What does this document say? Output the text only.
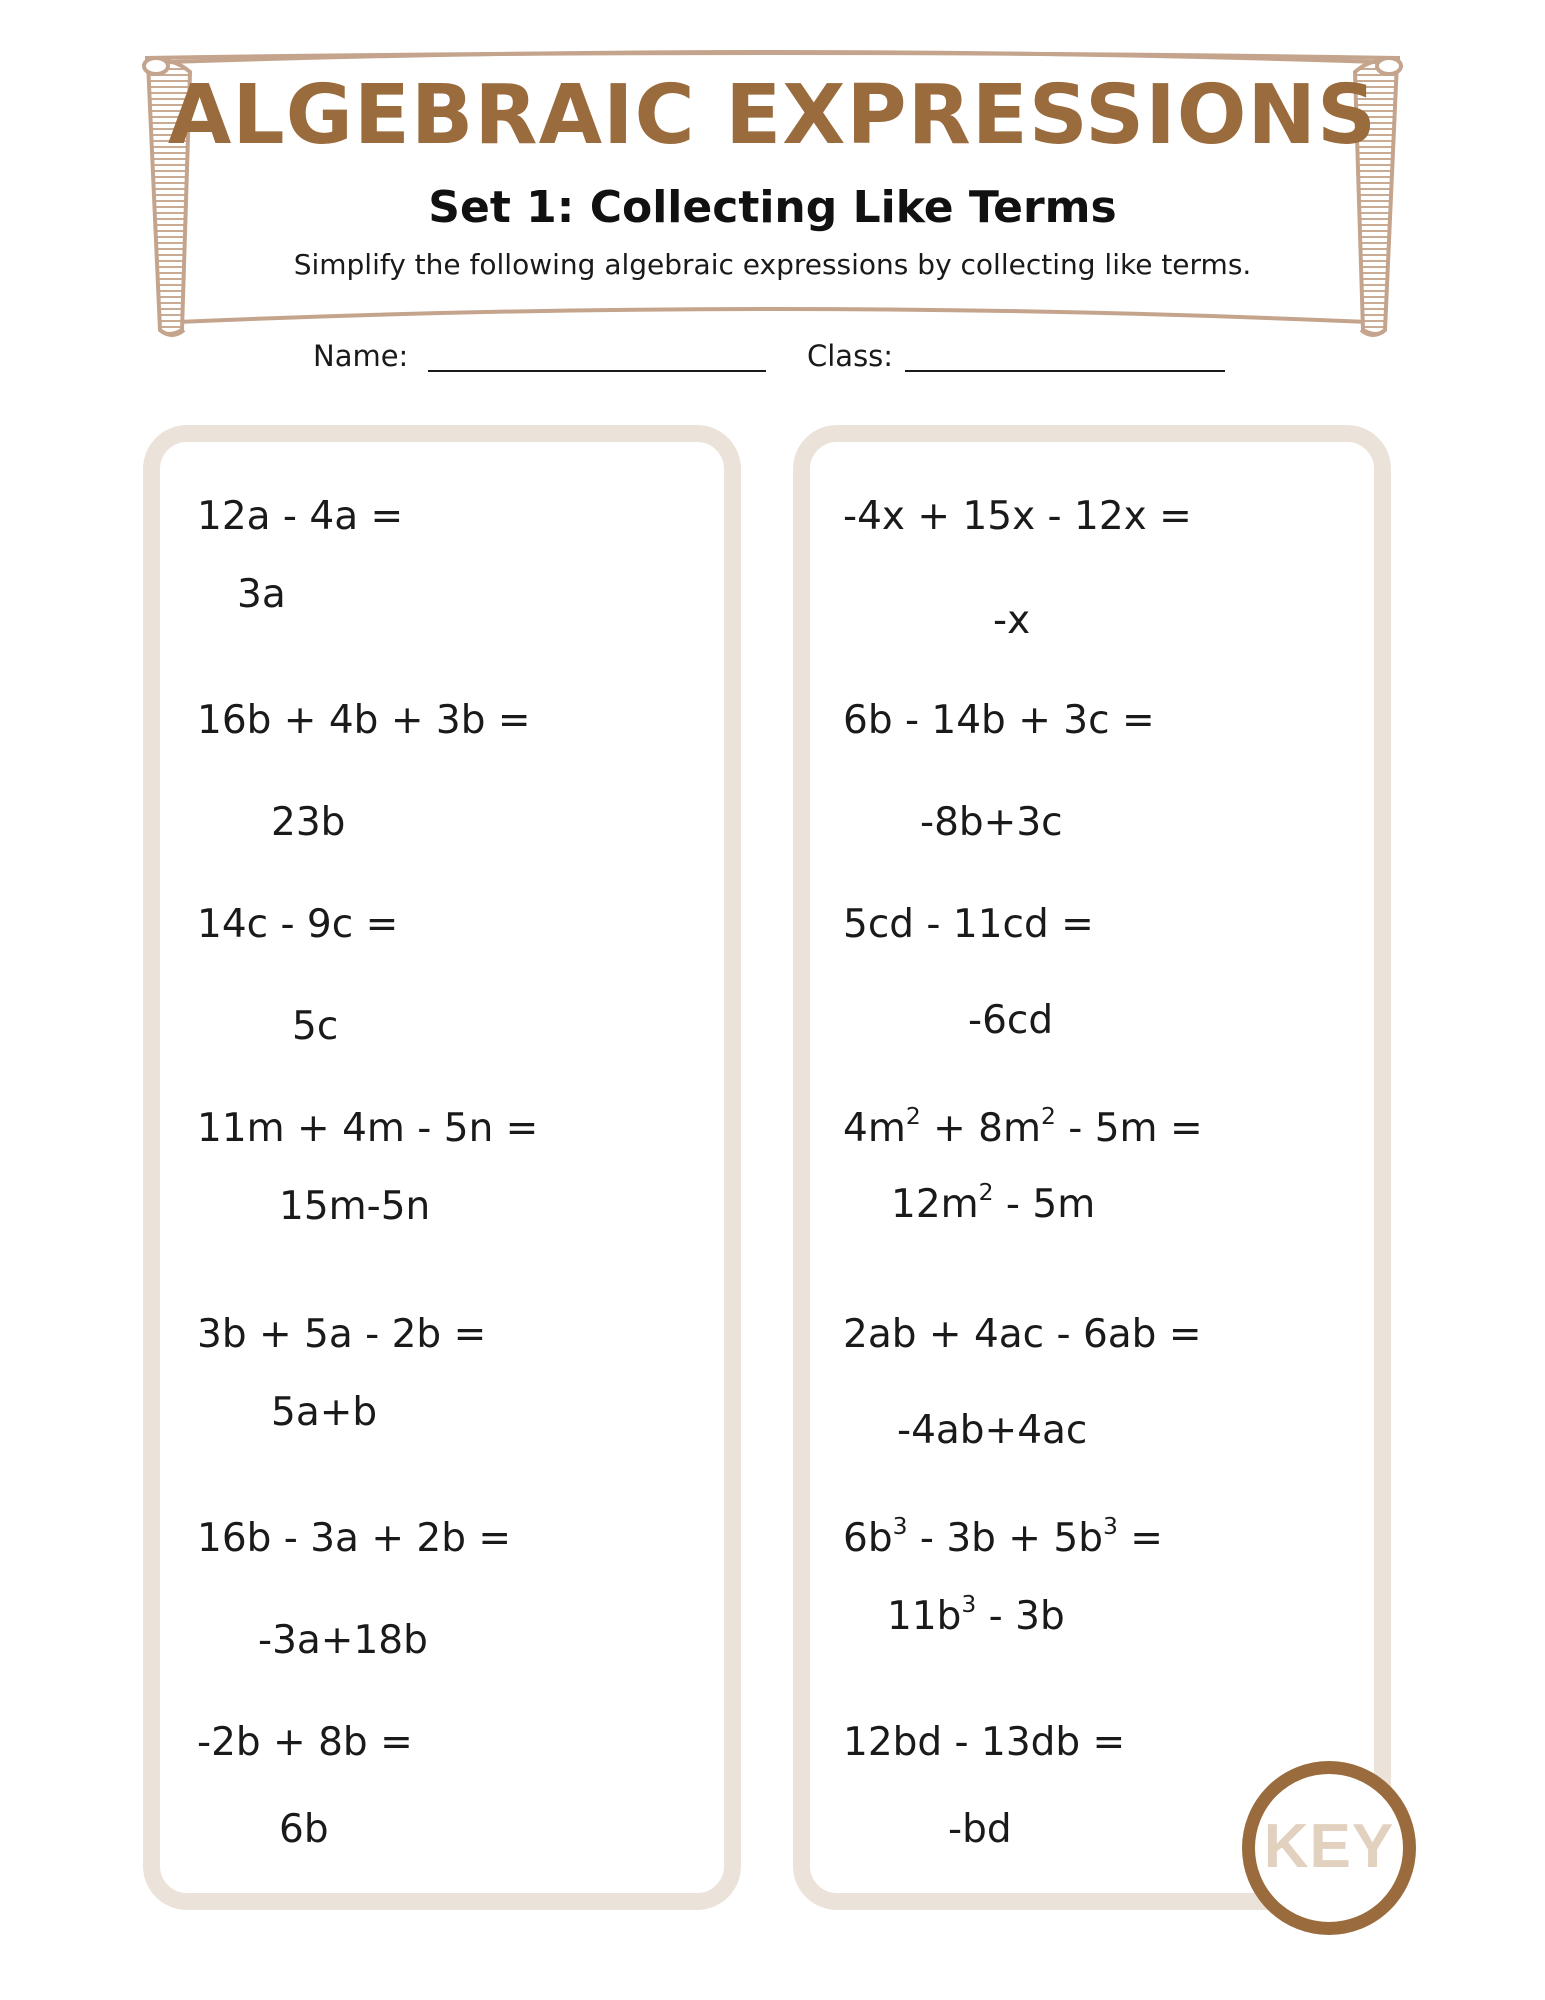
ALGEBRAIC EXPRESSIONS
Set 1: Collecting Like Terms
Simplify the following algebraic expressions by collecting like terms.
Name:	Class:
12a - 4a =
3a
16b + 4b + 3b =
23b
14c - 9c =
5c
11m + 4m - 5n =
15m-5n
3b + 5a - 2b =
5a+b
16b - 3a + 2b =
-3a+18b
-2b + 8b =
6b
-4x + 15x - 12x =
-x
6b - 14b + 3c =
-8b+3c
5cd - 11cd =
-6cd
$4m^2 + 8m^2 - 5m$ =
$12m^2 - 5m$
2ab + 4ac - 6ab =
-4ab+4ac
$6b^3 - 3b + 5b^3$ =
$11b^3 - 3b$
12bd - 13db =
-bd	KEY
